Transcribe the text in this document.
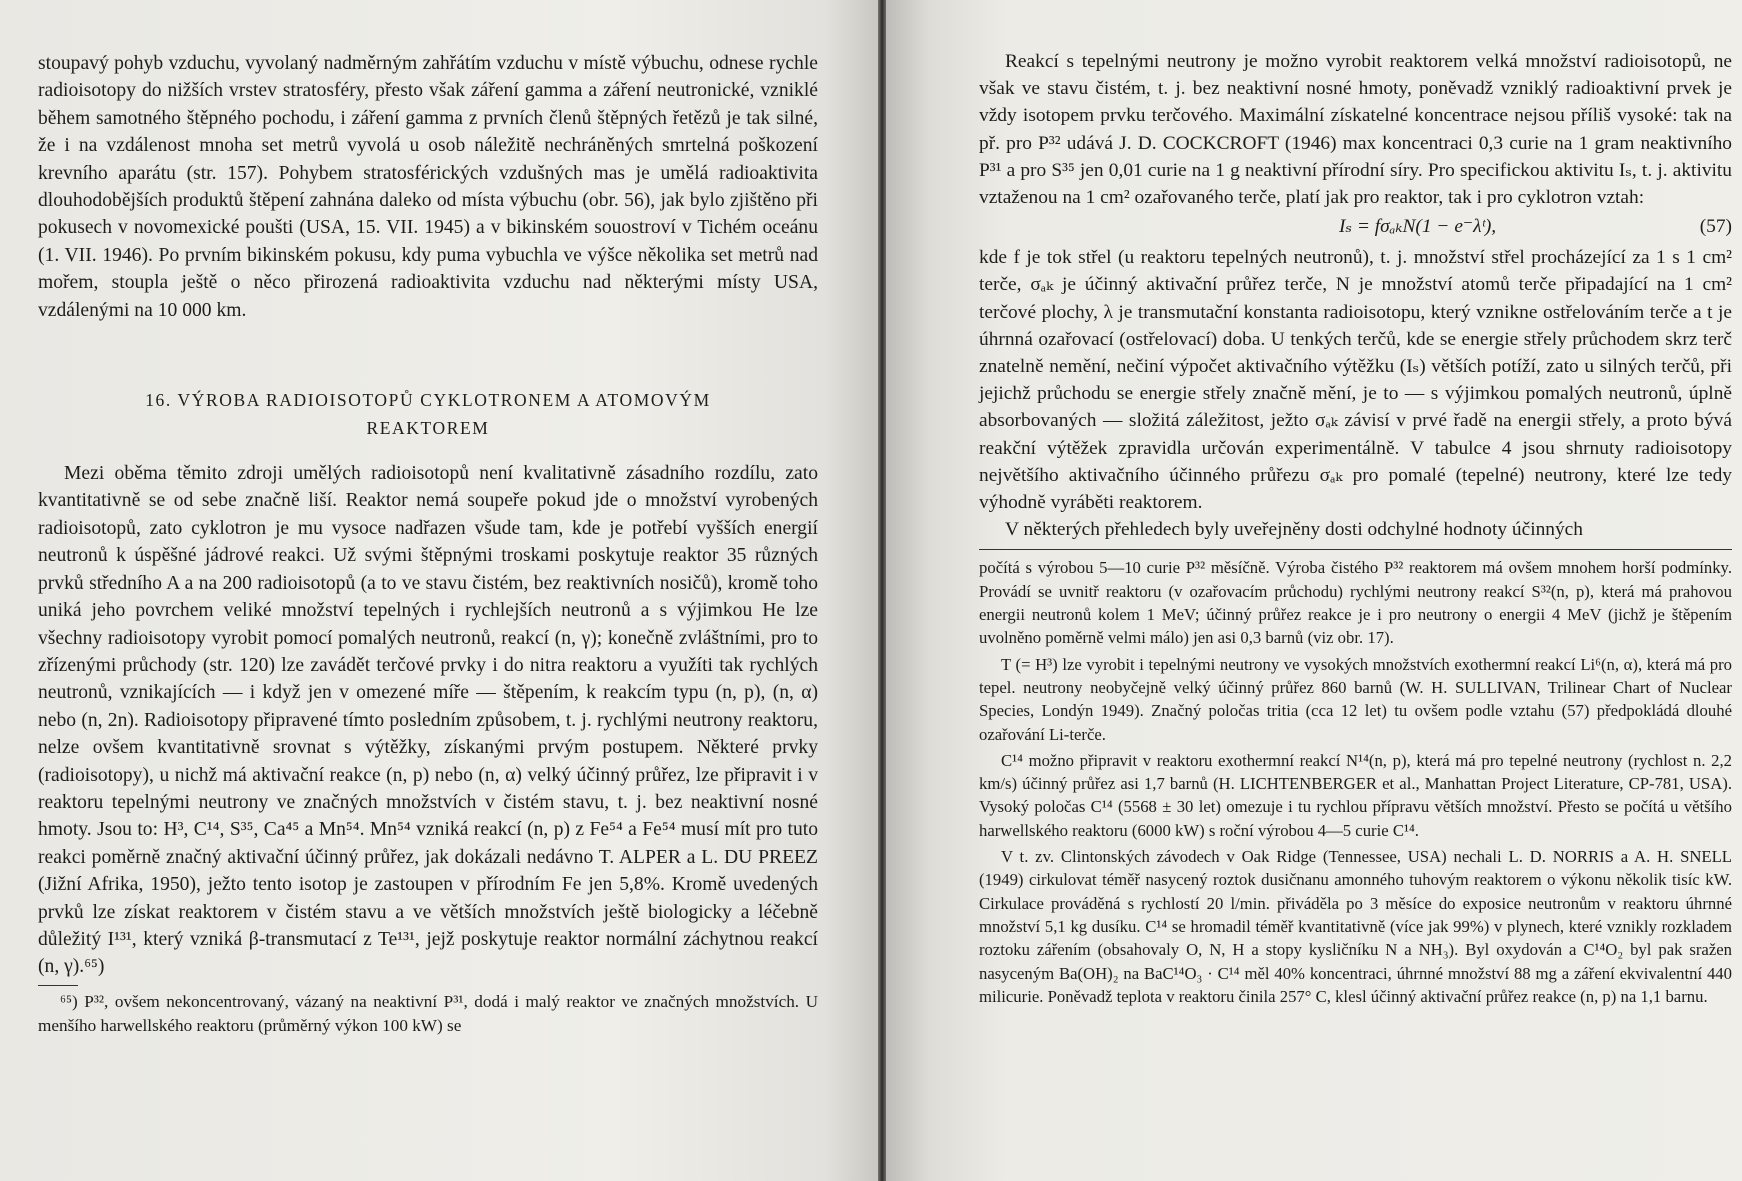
stoupavý pohyb vzduchu, vyvolaný nadměrným zahřátím vzduchu v místě výbuchu, odnese rychle radioisotopy do nižších vrstev stratosféry, přesto však záření gamma a záření neutronické, vzniklé během samotného štěpného pochodu, i záření gamma z prvních členů štěpných řetězů je tak silné, že i na vzdálenost mnoha set metrů vyvolá u osob náležitě nechráněných smrtelná poškození krevního aparátu (str. 157). Pohybem stratosférických vzdušných mas je umělá radioaktivita dlouhodobějších produktů štěpení zahnána daleko od místa výbuchu (obr. 56), jak bylo zjištěno při pokusech v novomexické poušti (USA, 15. VII. 1945) a v bikinském souostroví v Tichém oceánu (1. VII. 1946). Po prvním bikinském pokusu, kdy puma vybuchla ve výšce několika set metrů nad mořem, stoupla ještě o něco přirozená radioaktivita vzduchu nad některými místy USA, vzdálenými na 10 000 km.

16. VÝROBA RADIOISOTOPŮ CYKLOTRONEM A ATOMOVÝM
REAKTOREM

Mezi oběma těmito zdroji umělých radioisotopů není kvalitativně zásadního rozdílu, zato kvantitativně se od sebe značně liší. Reaktor nemá soupeře pokud jde o množství vyrobených radioisotopů, zato cyklotron je mu vysoce nadřazen všude tam, kde je potřebí vyšších energií neutronů k úspěšné jádrové reakci. Už svými štěpnými troskami poskytuje reaktor 35 různých prvků středního A a na 200 radioisotopů (a to ve stavu čistém, bez reaktivních nosičů), kromě toho uniká jeho povrchem veliké množství tepelných i rychlejších neutronů a s výjimkou He lze všechny radioisotopy vyrobit pomocí pomalých neutronů, reakcí (n, γ); konečně zvláštními, pro to zřízenými průchody (str. 120) lze zavádět terčové prvky i do nitra reaktoru a využíti tak rychlých neutronů, vznikajících — i když jen v omezené míře — štěpením, k reakcím typu (n, p), (n, α) nebo (n, 2n). Radioisotopy připravené tímto posledním způsobem, t. j. rychlými neutrony reaktoru, nelze ovšem kvantitativně srovnat s výtěžky, získanými prvým postupem. Některé prvky (radioisotopy), u nichž má aktivační reakce (n, p) nebo (n, α) velký účinný průřez, lze připravit i v reaktoru tepelnými neutrony ve značných množstvích v čistém stavu, t. j. bez neaktivní nosné hmoty. Jsou to: H³, C¹⁴, S³⁵, Ca⁴⁵ a Mn⁵⁴. Mn⁵⁴ vzniká reakcí (n, p) z Fe⁵⁴ a Fe⁵⁴ musí mít pro tuto reakci poměrně značný aktivační účinný průřez, jak dokázali nedávno T. ALPER a L. DU PREEZ (Jižní Afrika, 1950), ježto tento isotop je zastoupen v přírodním Fe jen 5,8%. Kromě uvedených prvků lze získat reaktorem v čistém stavu a ve větších množstvích ještě biologicky a léčebně důležitý I¹³¹, který vzniká β-transmutací z Te¹³¹, jejž poskytuje reaktor normální záchytnou reakcí (n, γ).⁶⁵)

⁶⁵) P³², ovšem nekoncentrovaný, vázaný na neaktivní P³¹, dodá i malý reaktor ve značných množstvích. U menšího harwellského reaktoru (průměrný výkon 100 kW) se

Reakcí s tepelnými neutrony je možno vyrobit reaktorem velká množství radioisotopů, ne však ve stavu čistém, t. j. bez neaktivní nosné hmoty, poněvadž vzniklý radioaktivní prvek je vždy isotopem prvku terčového. Maximální získatelné koncentrace nejsou příliš vysoké: tak na př. pro P³² udává J. D. COCKCROFT (1946) max koncentraci 0,3 curie na 1 gram neaktivního P³¹ a pro S³⁵ jen 0,01 curie na 1 g neaktivní přírodní síry. Pro specifickou aktivitu Iₛ, t. j. aktivitu vztaženou na 1 cm² ozařovaného terče, platí jak pro reaktor, tak i pro cyklotron vztah:

Iₛ = fσₐₖN(1 − e⁻λᵗ),	(57)

kde f je tok střel (u reaktoru tepelných neutronů), t. j. množství střel procházející za 1 s 1 cm² terče, σₐₖ je účinný aktivační průřez terče, N je množství atomů terče připadající na 1 cm² terčové plochy, λ je transmutační konstanta radioisotopu, který vznikne ostřelováním terče a t je úhrnná ozařovací (ostřelovací) doba. U tenkých terčů, kde se energie střely průchodem skrz terč znatelně nemění, nečiní výpočet aktivačního výtěžku (Iₛ) větších potíží, zato u silných terčů, při jejichž průchodu se energie střely značně mění, je to — s výjimkou pomalých neutronů, úplně absorbovaných — složitá záležitost, ježto σₐₖ závisí v prvé řadě na energii střely, a proto bývá reakční výtěžek zpravidla určován experimentálně. V tabulce 4 jsou shrnuty radioisotopy největšího aktivačního účinného průřezu σₐₖ pro pomalé (tepelné) neutrony, které lze tedy výhodně vyráběti reaktorem.

V některých přehledech byly uveřejněny dosti odchylné hodnoty účinných

počítá s výrobou 5—10 curie P³² měsíčně. Výroba čistého P³² reaktorem má ovšem mnohem horší podmínky. Provádí se uvnitř reaktoru (v ozařovacím průchodu) rychlými neutrony reakcí S³²(n, p), která má prahovou energii neutronů kolem 1 MeV; účinný průřez reakce je i pro neutrony o energii 4 MeV (jichž je štěpením uvolněno poměrně velmi málo) jen asi 0,3 barnů (viz obr. 17).

T (= H³) lze vyrobit i tepelnými neutrony ve vysokých množstvích exothermní reakcí Li⁶(n, α), která má pro tepel. neutrony neobyčejně velký účinný průřez 860 barnů (W. H. SULLIVAN, Trilinear Chart of Nuclear Species, Londýn 1949). Značný poločas tritia (cca 12 let) tu ovšem podle vztahu (57) předpokládá dlouhé ozařování Li-terče.

C¹⁴ možno připravit v reaktoru exothermní reakcí N¹⁴(n, p), která má pro tepelné neutrony (rychlost n. 2,2 km/s) účinný průřez asi 1,7 barnů (H. LICHTENBERGER et al., Manhattan Project Literature, CP-781, USA). Vysoký poločas C¹⁴ (5568 ± 30 let) omezuje i tu rychlou přípravu větších množství. Přesto se počítá u většího harwellského reaktoru (6000 kW) s roční výrobou 4—5 curie C¹⁴.

V t. zv. Clintonských závodech v Oak Ridge (Tennessee, USA) nechali L. D. NORRIS a A. H. SNELL (1949) cirkulovat téměř nasycený roztok dusičnanu amonného tuhovým reaktorem o výkonu několik tisíc kW. Cirkulace prováděná s rychlostí 20 l/min. přiváděla po 3 měsíce do exposice neutronům v reaktoru úhrnné množství 5,1 kg dusíku. C¹⁴ se hromadil téměř kvantitativně (více jak 99%) v plynech, které vznikly rozkladem roztoku zářením (obsahovaly O, N, H a stopy kysličníku N a NH₃). Byl oxydován a C¹⁴O₂ byl pak sražen nasyceným Ba(OH)₂ na BaC¹⁴O₃ · C¹⁴ měl 40% koncentraci, úhrnné množství 88 mg a záření ekvivalentní 440 milicurie. Poněvadž teplota v reaktoru činila 257° C, klesl účinný aktivační průřez reakce (n, p) na 1,1 barnu.
